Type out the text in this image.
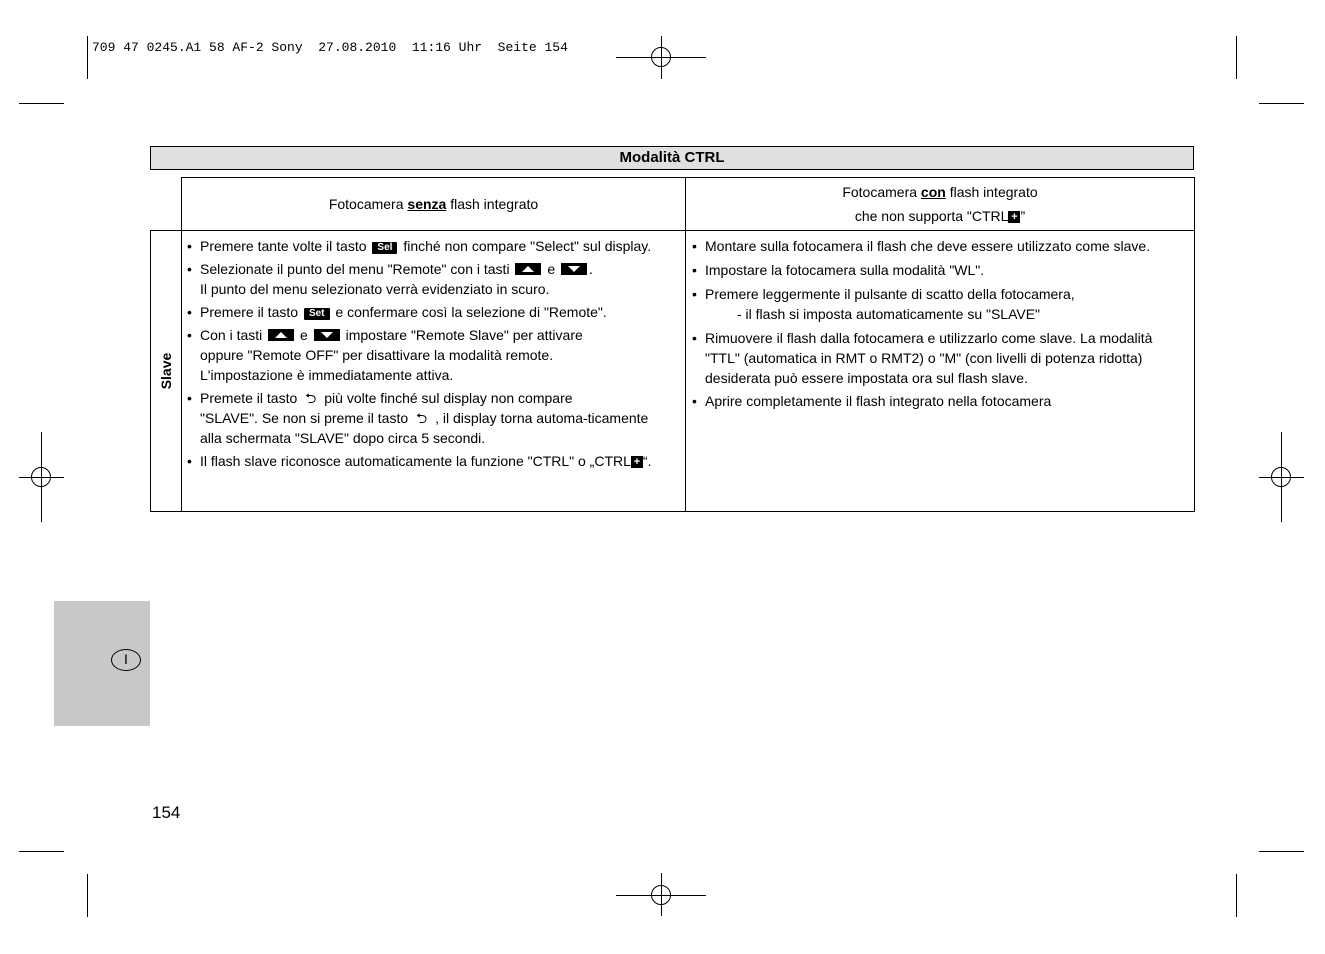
709 47 0245.A1 58 AF-2 Sony  27.08.2010  11:16 Uhr  Seite 154
Modalità CTRL
Fotocamera senza flash integrato
Fotocamera con flash integrato
che non supporta "CTRL + ”
Slave
• Premere tante volte il tasto Sel finché non compare "Select" sul display.
• Selezionate il punto del menu "Remote" con i tasti
e
.
Il punto del menu selezionato verrà evidenziato in scuro.
• Premere il tasto Set e confermare così la selezione di "Remote".
• Con i tasti
e
impostare "Remote Slave" per attivare
oppure "Remote OFF" per disattivare la modalità remote.
L'impostazione è immediatamente attiva.
• Premete il tasto ⮌ più volte finché sul display non compare
"SLAVE". Se non si preme il tasto ⮌ , il display torna automa-ticamente
alla schermata "SLAVE" dopo circa 5 secondi.
• Il flash slave riconosce automaticamente la funzione "CTRL" o „CTRL + “.
• Montare sulla fotocamera il flash che deve essere utilizzato come slave.
• Impostare la fotocamera sulla modalità "WL".
• Premere leggermente il pulsante di scatto della fotocamera,
- il flash si imposta automaticamente su "SLAVE"
• Rimuovere il flash dalla fotocamera e utilizzarlo come slave. La modalità
"TTL" (automatica in RMT o RMT2) o "M" (con livelli di potenza ridotta)
desiderata può essere impostata ora sul flash slave.
• Aprire completamente il flash integrato nella fotocamera
I
154
